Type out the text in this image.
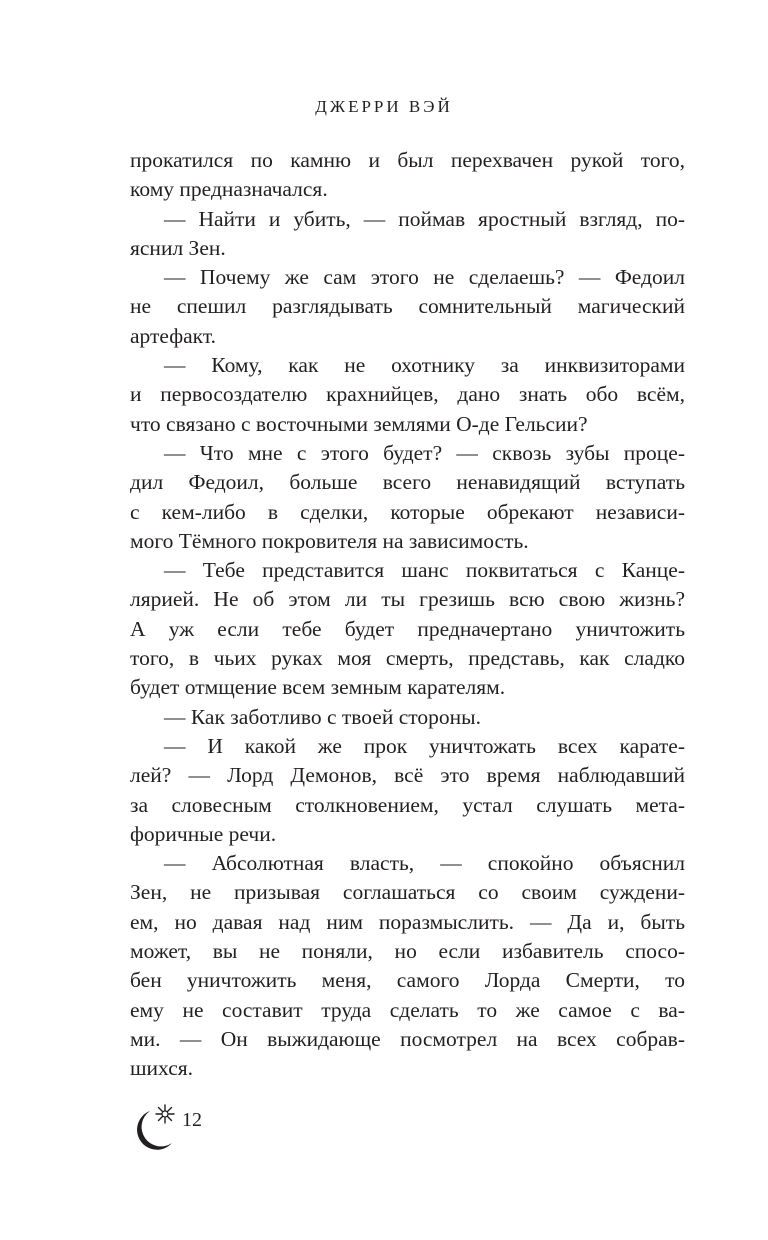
ДЖЕРРИ ВЭЙ
прокатился по камню и был перехвачен рукой того,
кому предназначался.
— Найти и убить, — поймав яростный взгляд, по-
яснил Зен.
— Почему же сам этого не сделаешь? — Федоил
не спешил разглядывать сомнительный магический
артефакт.
— Кому, как не охотнику за инквизиторами
и первосоздателю крахнийцев, дано знать обо всём,
что связано с восточными землями О-де Гельсии?
— Что мне с этого будет? — сквозь зубы проце-
дил Федоил, больше всего ненавидящий вступать
с кем-либо в сделки, которые обрекают независи-
мого Тёмного покровителя на зависимость.
— Тебе представится шанс поквитаться с Канце-
лярией. Не об этом ли ты грезишь всю свою жизнь?
А уж если тебе будет предначертано уничтожить
того, в чьих руках моя смерть, представь, как сладко
будет отмщение всем земным карателям.
— Как заботливо с твоей стороны.
— И какой же прок уничтожать всех карате-
лей? — Лорд Демонов, всё это время наблюдавший
за словесным столкновением, устал слушать мета-
форичные речи.
— Абсолютная власть, — спокойно объяснил
Зен, не призывая соглашаться со своим суждени-
ем, но давая над ним поразмыслить. — Да и, быть
может, вы не поняли, но если избавитель спосо-
бен уничтожить меня, самого Лорда Смерти, то
ему не составит труда сделать то же самое с ва-
ми. — Он выжидающе посмотрел на всех собрав-
шихся.
12
